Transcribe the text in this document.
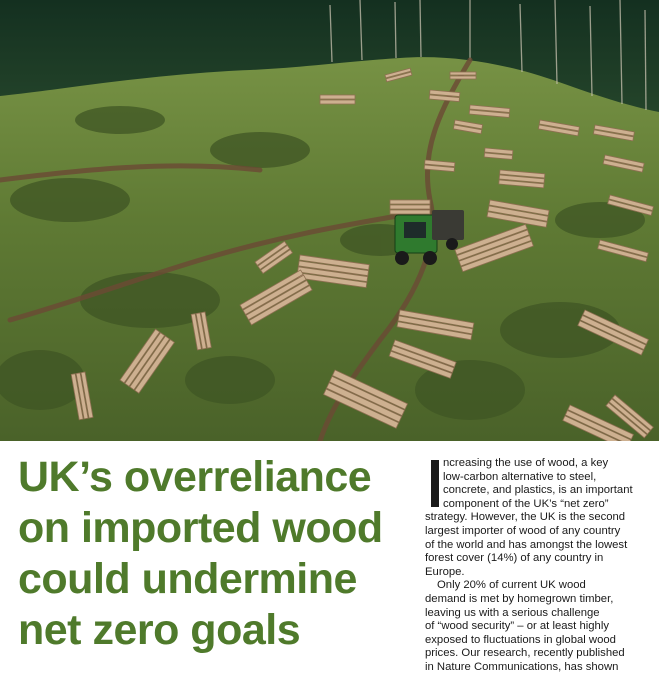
UK’s overreliance
on imported wood
could undermine
net zero goals

ncreasing the use of wood, a key
low-carbon alternative to steel,
concrete, and plastics, is an important
component of the UK’s “net zero”
strategy. However, the UK is the second
largest importer of wood of any country
of the world and has amongst the lowest
forest cover (14%) of any country in
Europe.

Only 20% of current UK wood
demand is met by homegrown timber,
leaving us with a serious challenge
of “wood security” – or at least highly
exposed to fluctuations in global wood
prices. Our research, recently published
in Nature Communications, has shown
